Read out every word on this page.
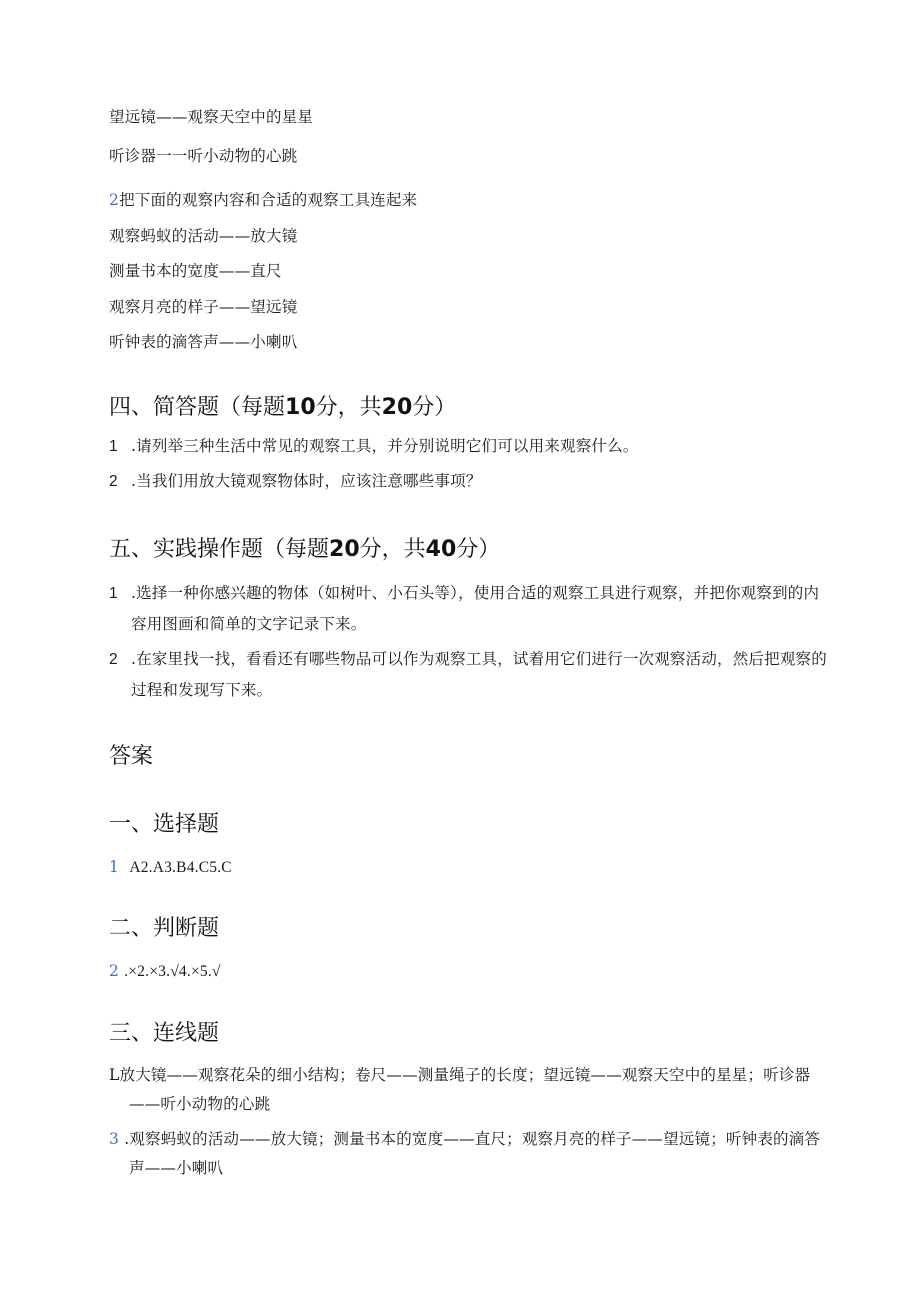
望远镜——观察天空中的星星
听诊器一一听小动物的心跳
2把下面的观察内容和合适的观察工具连起来
观察蚂蚁的活动——放大镜
测量书本的宽度——直尺
观察月亮的样子——望远镜
听钟表的滴答声——小喇叭
四、简答题（每题10分，共20分）
1 .请列举三种生活中常见的观察工具，并分别说明它们可以用来观察什么。
2 .当我们用放大镜观察物体时，应该注意哪些事项？
五、实践操作题（每题20分，共40分）
1 .选择一种你感兴趣的物体（如树叶、小石头等），使用合适的观察工具进行观察，并把你观察到的内容用图画和简单的文字记录下来。
2 .在家里找一找，看看还有哪些物品可以作为观察工具，试着用它们进行一次观察活动，然后把观察的过程和发现写下来。
答案
一、选择题
1 A2.A3.B4.C5.C
二、判断题
2 .×2.×3.√4.×5.√
三、连线题
L放大镜——观察花朵的细小结构；卷尺——测量绳子的长度；望远镜——观察天空中的星星；听诊器——听小动物的心跳
3 .观察蚂蚁的活动——放大镜；测量书本的宽度——直尺；观察月亮的样子——望远镜；听钟表的滴答声——小喇叭
